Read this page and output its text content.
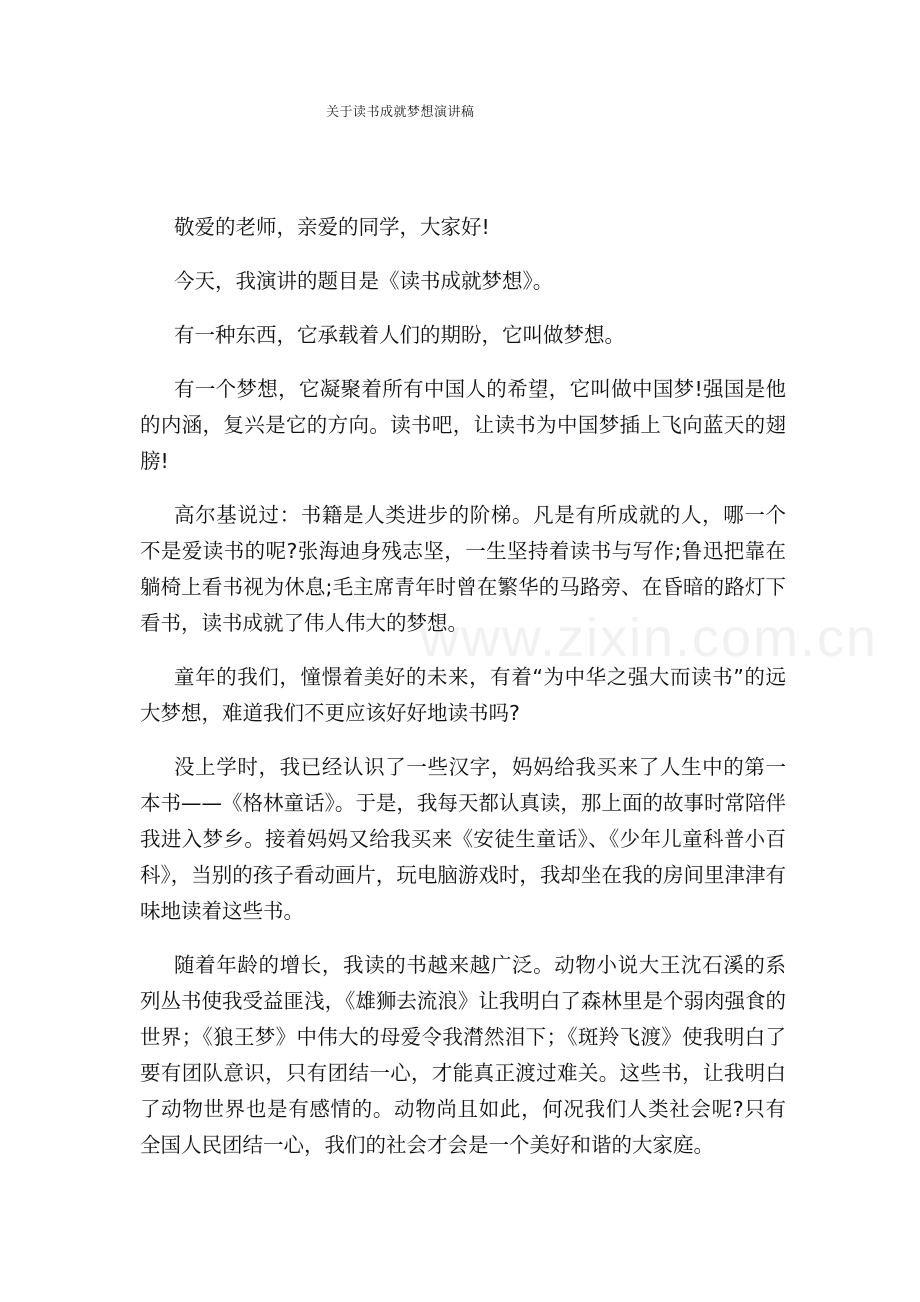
关于读书成就梦想演讲稿
www.zixin.com.cn

敬爱的老师，亲爱的同学，大家好!

今天，我演讲的题目是《读书成就梦想》。

有一种东西，它承载着人们的期盼，它叫做梦想。

有一个梦想，它凝聚着所有中国人的希望，它叫做中国梦!强国是他的内涵，复兴是它的方向。读书吧，让读书为中国梦插上飞向蓝天的翅膀!

高尔基说过：书籍是人类进步的阶梯。凡是有所成就的人，哪一个不是爱读书的呢?张海迪身残志坚，一生坚持着读书与写作;鲁迅把靠在躺椅上看书视为休息;毛主席青年时曾在繁华的马路旁、在昏暗的路灯下看书，读书成就了伟人伟大的梦想。

童年的我们，憧憬着美好的未来，有着“为中华之强大而读书”的远大梦想，难道我们不更应该好好地读书吗?

没上学时，我已经认识了一些汉字，妈妈给我买来了人生中的第一本书——《格林童话》。于是，我每天都认真读，那上面的故事时常陪伴我进入梦乡。接着妈妈又给我买来《安徒生童话》、《少年儿童科普小百科》，当别的孩子看动画片，玩电脑游戏时，我却坐在我的房间里津津有味地读着这些书。

随着年龄的增长，我读的书越来越广泛。动物小说大王沈石溪的系列丛书使我受益匪浅，《雄狮去流浪》让我明白了森林里是个弱肉强食的世界；《狼王梦》中伟大的母爱令我潸然泪下；《斑羚飞渡》使我明白了要有团队意识，只有团结一心，才能真正渡过难关。这些书，让我明白了动物世界也是有感情的。动物尚且如此，何况我们人类社会呢?只有全国人民团结一心，我们的社会才会是一个美好和谐的大家庭。
